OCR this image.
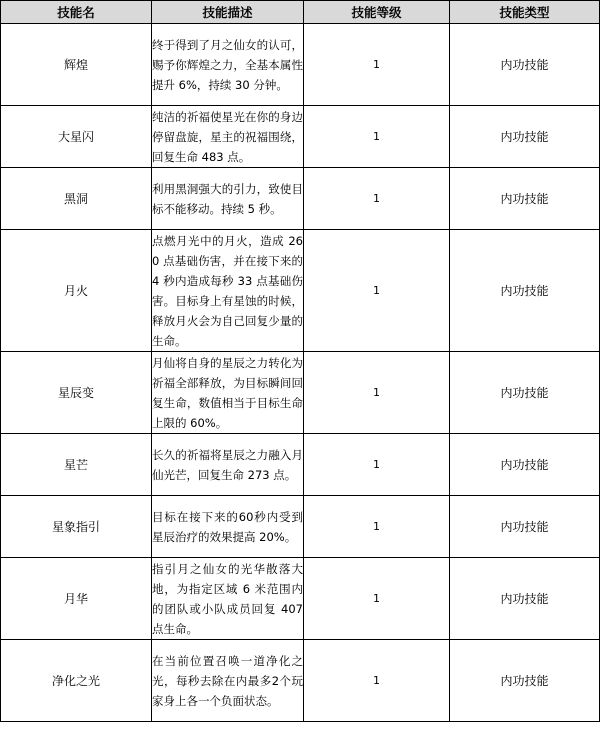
技能名	技能描述	技能等级	技能类型
辉煌	终于得到了月之仙女的认可，赐予你辉煌之力，全基本属性提升 6%，持续 30 分钟。	1	内功技能
大星闪	纯洁的祈福使星光在你的身边停留盘旋，星主的祝福围绕，回复生命 483 点。	1	内功技能
黑洞	利用黑洞强大的引力，致使目标不能移动。持续 5 秒。	1	内功技能
月火	点燃月光中的月火，造成 260 点基础伤害，并在接下来的 4 秒内造成每秒 33 点基础伤害。目标身上有星蚀的时候，释放月火会为自己回复少量的生命。	1	内功技能
星辰变	月仙将自身的星辰之力转化为祈福全部释放，为目标瞬间回复生命，数值相当于目标生命上限的 60%。	1	内功技能
星芒	长久的祈福将星辰之力融入月仙光芒，回复生命 273 点。	1	内功技能
星象指引	目标在接下来的60秒内受到星辰治疗的效果提高 20%。	1	内功技能
月华	指引月之仙女的光华散落大地，为指定区域 6 米范围内的团队或小队成员回复 407 点生命。	1	内功技能
净化之光	在当前位置召唤一道净化之光，每秒去除在内最多2个玩家身上各一个负面状态。	1	内功技能
